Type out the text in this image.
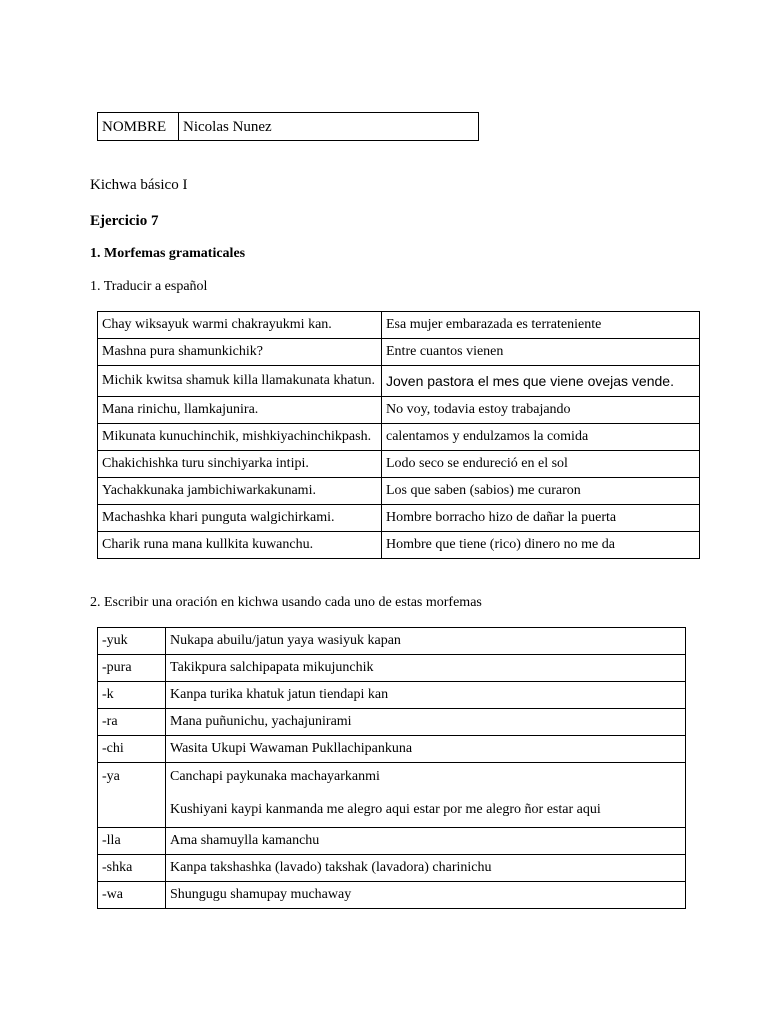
NOMBRE	Nicolas Nunez
Kichwa básico I
Ejercicio 7
1. Morfemas gramaticales
1. Traducir a español
Chay wiksayuk warmi chakrayukmi kan.	Esa mujer embarazada es terrateniente
Mashna pura shamunkichik?	Entre cuantos vienen
Michik kwitsa shamuk killa llamakunata khatun.	Joven pastora el mes que viene ovejas vende.
Mana rinichu, llamkajunira.	No voy, todavia estoy trabajando
Mikunata kunuchinchik, mishkiyachinchikpash.	calentamos y endulzamos la comida
Chakichishka turu sinchiyarka intipi.	Lodo seco se endureció en el sol
Yachakkunaka jambichiwarkakunami.	Los que saben (sabios) me curaron
Machashka khari punguta walgichirkami.	Hombre borracho hizo de dañar la puerta
Charik runa mana kullkita kuwanchu.	Hombre que tiene (rico) dinero no me da
2. Escribir una oración en kichwa usando cada uno de estas morfemas
-yuk	Nukapa abuilu/jatun yaya wasiyuk kapan
-pura	Takikpura salchipapata mikujunchik
-k	Kanpa turika khatuk jatun tiendapi kan
-ra	Mana puñunichu, yachajunirami
-chi	Wasita Ukupi Wawaman Pukllachipankuna
-ya	Canchapi paykunaka machayarkanmi
Kushiyani kaypi kanmanda me alegro aqui estar por me alegro ñor estar aqui

-lla	Ama shamuylla kamanchu
-shka	Kanpa takshashka (lavado) takshak (lavadora) charinichu
-wa	Shungugu shamupay muchaway
